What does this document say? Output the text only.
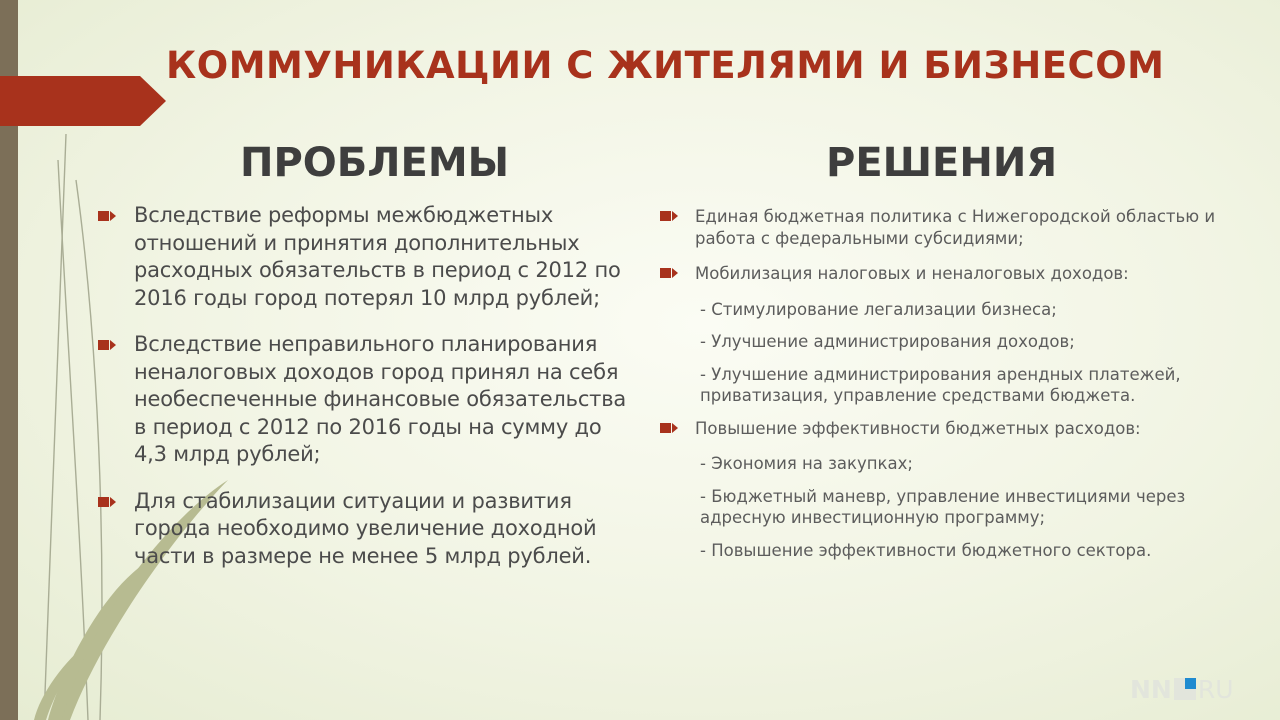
КОММУНИКАЦИИ С ЖИТЕЛЯМИ И БИЗНЕСОМ
ПРОБЛЕМЫ	РЕШЕНИЯ
Вследствие реформы межбюджетных отношений и принятия дополнительных расходных обязательств в период с 2012 по 2016 годы город потерял 10 млрд рублей;
Вследствие неправильного планирования неналоговых доходов город принял на себя необеспеченные финансовые обязательства в период с 2012 по 2016 годы на сумму до 4,3 млрд рублей;
Для стабилизации ситуации и развития города необходимо увеличение доходной части в размере не менее 5 млрд рублей.
Единая бюджетная политика с Нижегородской областью и работа с федеральными субсидиями;
Мобилизация налоговых и неналоговых доходов:
- Стимулирование легализации бизнеса;
- Улучшение администрирования доходов;
- Улучшение администрирования арендных платежей, приватизация, управление средствами бюджета.
Повышение эффективности бюджетных расходов:
- Экономия на закупках;
- Бюджетный маневр, управление инвестициями через адресную инвестиционную программу;
- Повышение эффективности бюджетного сектора.
NN RU
